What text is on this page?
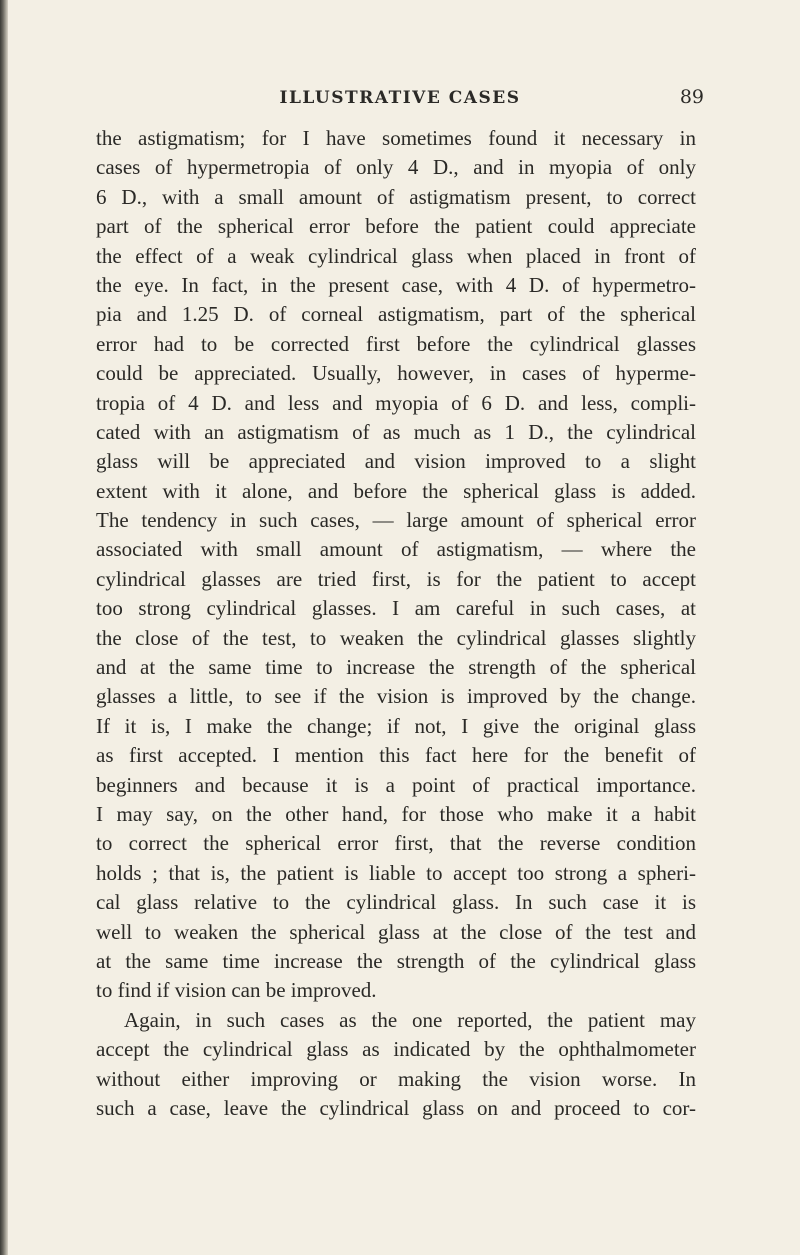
ILLUSTRATIVE CASES	89
the astigmatism; for I have sometimes found it necessary in
cases of hypermetropia of only 4 D., and in myopia of only
6 D., with a small amount of astigmatism present, to correct
part of the spherical error before the patient could appreciate
the effect of a weak cylindrical glass when placed in front of
the eye. In fact, in the present case, with 4 D. of hypermetro-
pia and 1.25 D. of corneal astigmatism, part of the spherical
error had to be corrected first before the cylindrical glasses
could be appreciated. Usually, however, in cases of hyperme-
tropia of 4 D. and less and myopia of 6 D. and less, compli-
cated with an astigmatism of as much as 1 D., the cylindrical
glass will be appreciated and vision improved to a slight
extent with it alone, and before the spherical glass is added.
The tendency in such cases, — large amount of spherical error
associated with small amount of astigmatism, — where the
cylindrical glasses are tried first, is for the patient to accept
too strong cylindrical glasses. I am careful in such cases, at
the close of the test, to weaken the cylindrical glasses slightly
and at the same time to increase the strength of the spherical
glasses a little, to see if the vision is improved by the change.
If it is, I make the change; if not, I give the original glass
as first accepted. I mention this fact here for the benefit of
beginners and because it is a point of practical importance.
I may say, on the other hand, for those who make it a habit
to correct the spherical error first, that the reverse condition
holds ; that is, the patient is liable to accept too strong a spheri-
cal glass relative to the cylindrical glass. In such case it is
well to weaken the spherical glass at the close of the test and
at the same time increase the strength of the cylindrical glass
to find if vision can be improved.
Again, in such cases as the one reported, the patient may
accept the cylindrical glass as indicated by the ophthalmometer
without either improving or making the vision worse. In
such a case, leave the cylindrical glass on and proceed to cor-
